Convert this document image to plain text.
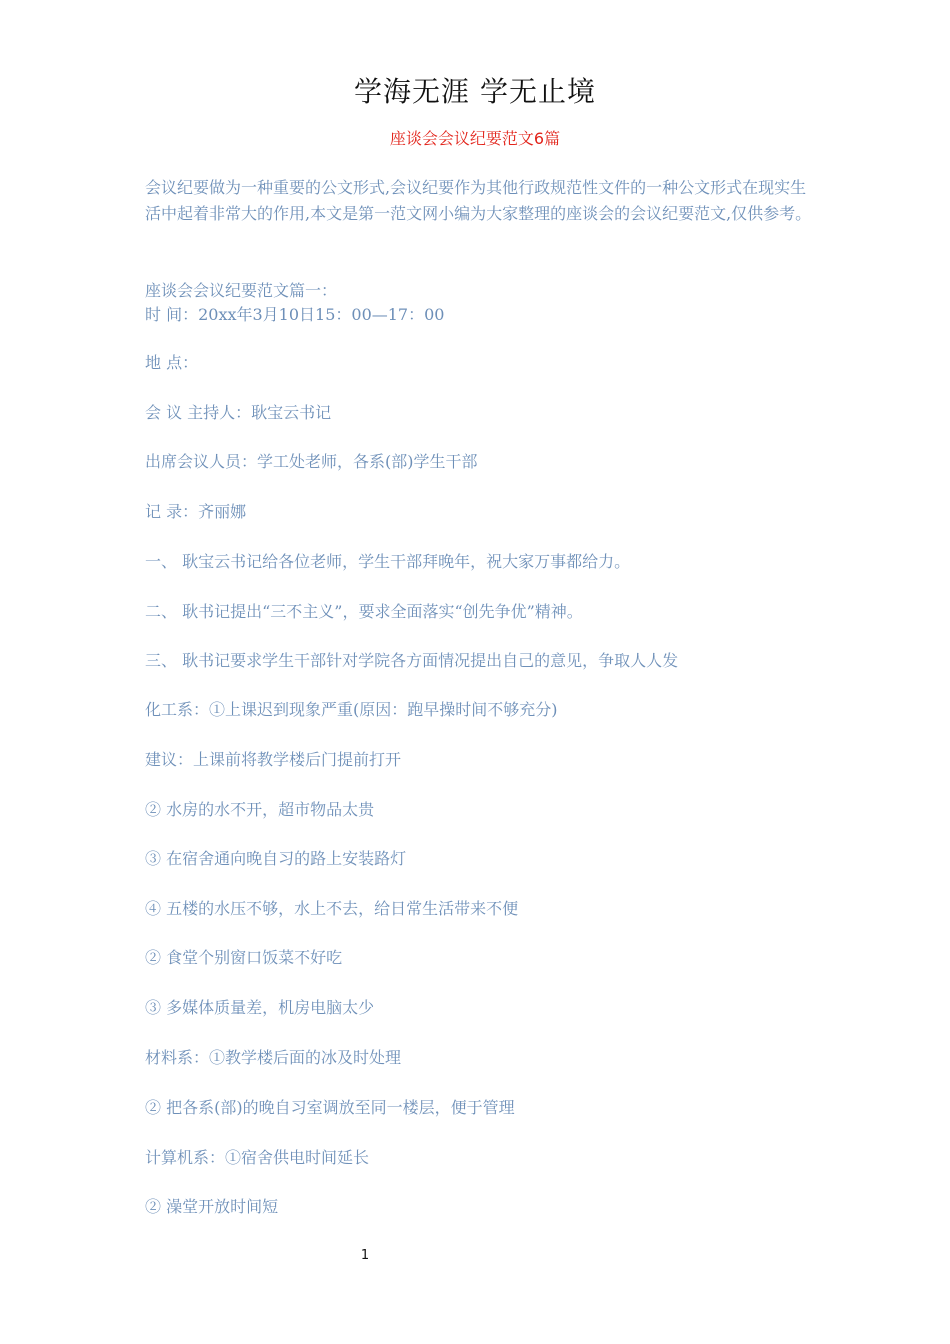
学海无涯 学无止境
座谈会会议纪要范文6篇

会议纪要做为一种重要的公文形式,会议纪要作为其他行政规范性文件的一种公文形式在现实生活中起着非常大的作用,本文是第一范文网小编为大家整理的座谈会的会议纪要范文,仅供参考。

座谈会会议纪要范文篇一：

时 间：20xx年3月10日15：00—17：00

地 点：

会 议 主持人：耿宝云书记

出席会议人员：学工处老师，各系(部)学生干部

记 录：齐丽娜

一、 耿宝云书记给各位老师，学生干部拜晚年，祝大家万事都给力。

二、 耿书记提出“三不主义”，要求全面落实“创先争优”精神。

三、 耿书记要求学生干部针对学院各方面情况提出自己的意见，争取人人发

化工系：①上课迟到现象严重(原因：跑早操时间不够充分)

建议：上课前将教学楼后门提前打开

② 水房的水不开，超市物品太贵

③ 在宿舍通向晚自习的路上安装路灯

④ 五楼的水压不够，水上不去，给日常生活带来不便

② 食堂个别窗口饭菜不好吃

③ 多媒体质量差，机房电脑太少

材料系：①教学楼后面的冰及时处理

② 把各系(部)的晚自习室调放至同一楼层，便于管理

计算机系：①宿舍供电时间延长

② 澡堂开放时间短

1
